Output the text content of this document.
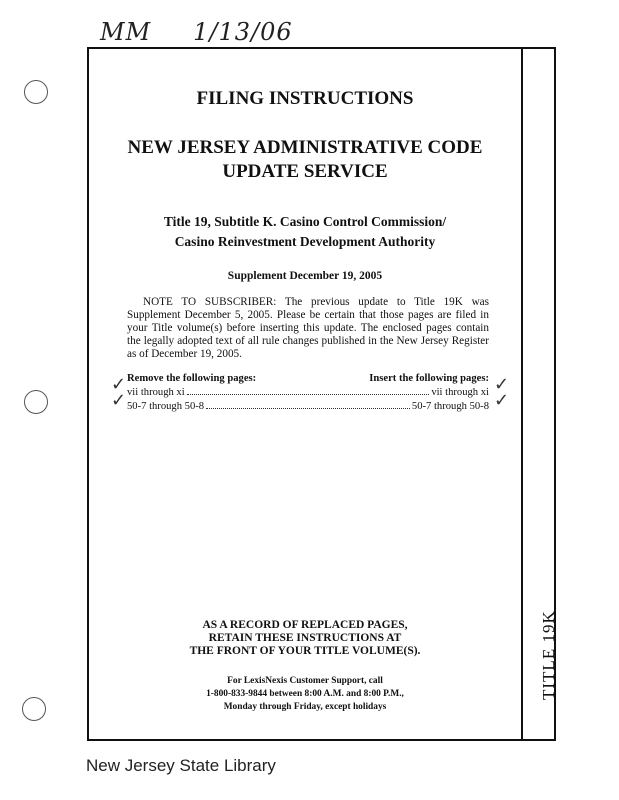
MM 1/13/06
TITLE 19K
FILING INSTRUCTIONS
NEW JERSEY ADMINISTRATIVE CODE
UPDATE SERVICE
Title 19, Subtitle K. Casino Control Commission/
Casino Reinvestment Development Authority
Supplement December 19, 2005
NOTE TO SUBSCRIBER: The previous update to Title 19K was Supplement December 5, 2005. Please be certain that those pages are filed in your Title volume(s) before inserting this update. The enclosed pages contain the legally adopted text of all rule changes published in the New Jersey Register as of December 19, 2005.
Remove the following pages:	Insert the following pages:
vii through xi	vii through xi
50-7 through 50-8	50-7 through 50-8
✓
✓
✓
✓
AS A RECORD OF REPLACED PAGES,
RETAIN THESE INSTRUCTIONS AT
THE FRONT OF YOUR TITLE VOLUME(S).
For LexisNexis Customer Support, call
1-800-833-9844 between 8:00 A.M. and 8:00 P.M.,
Monday through Friday, except holidays
New Jersey State Library
